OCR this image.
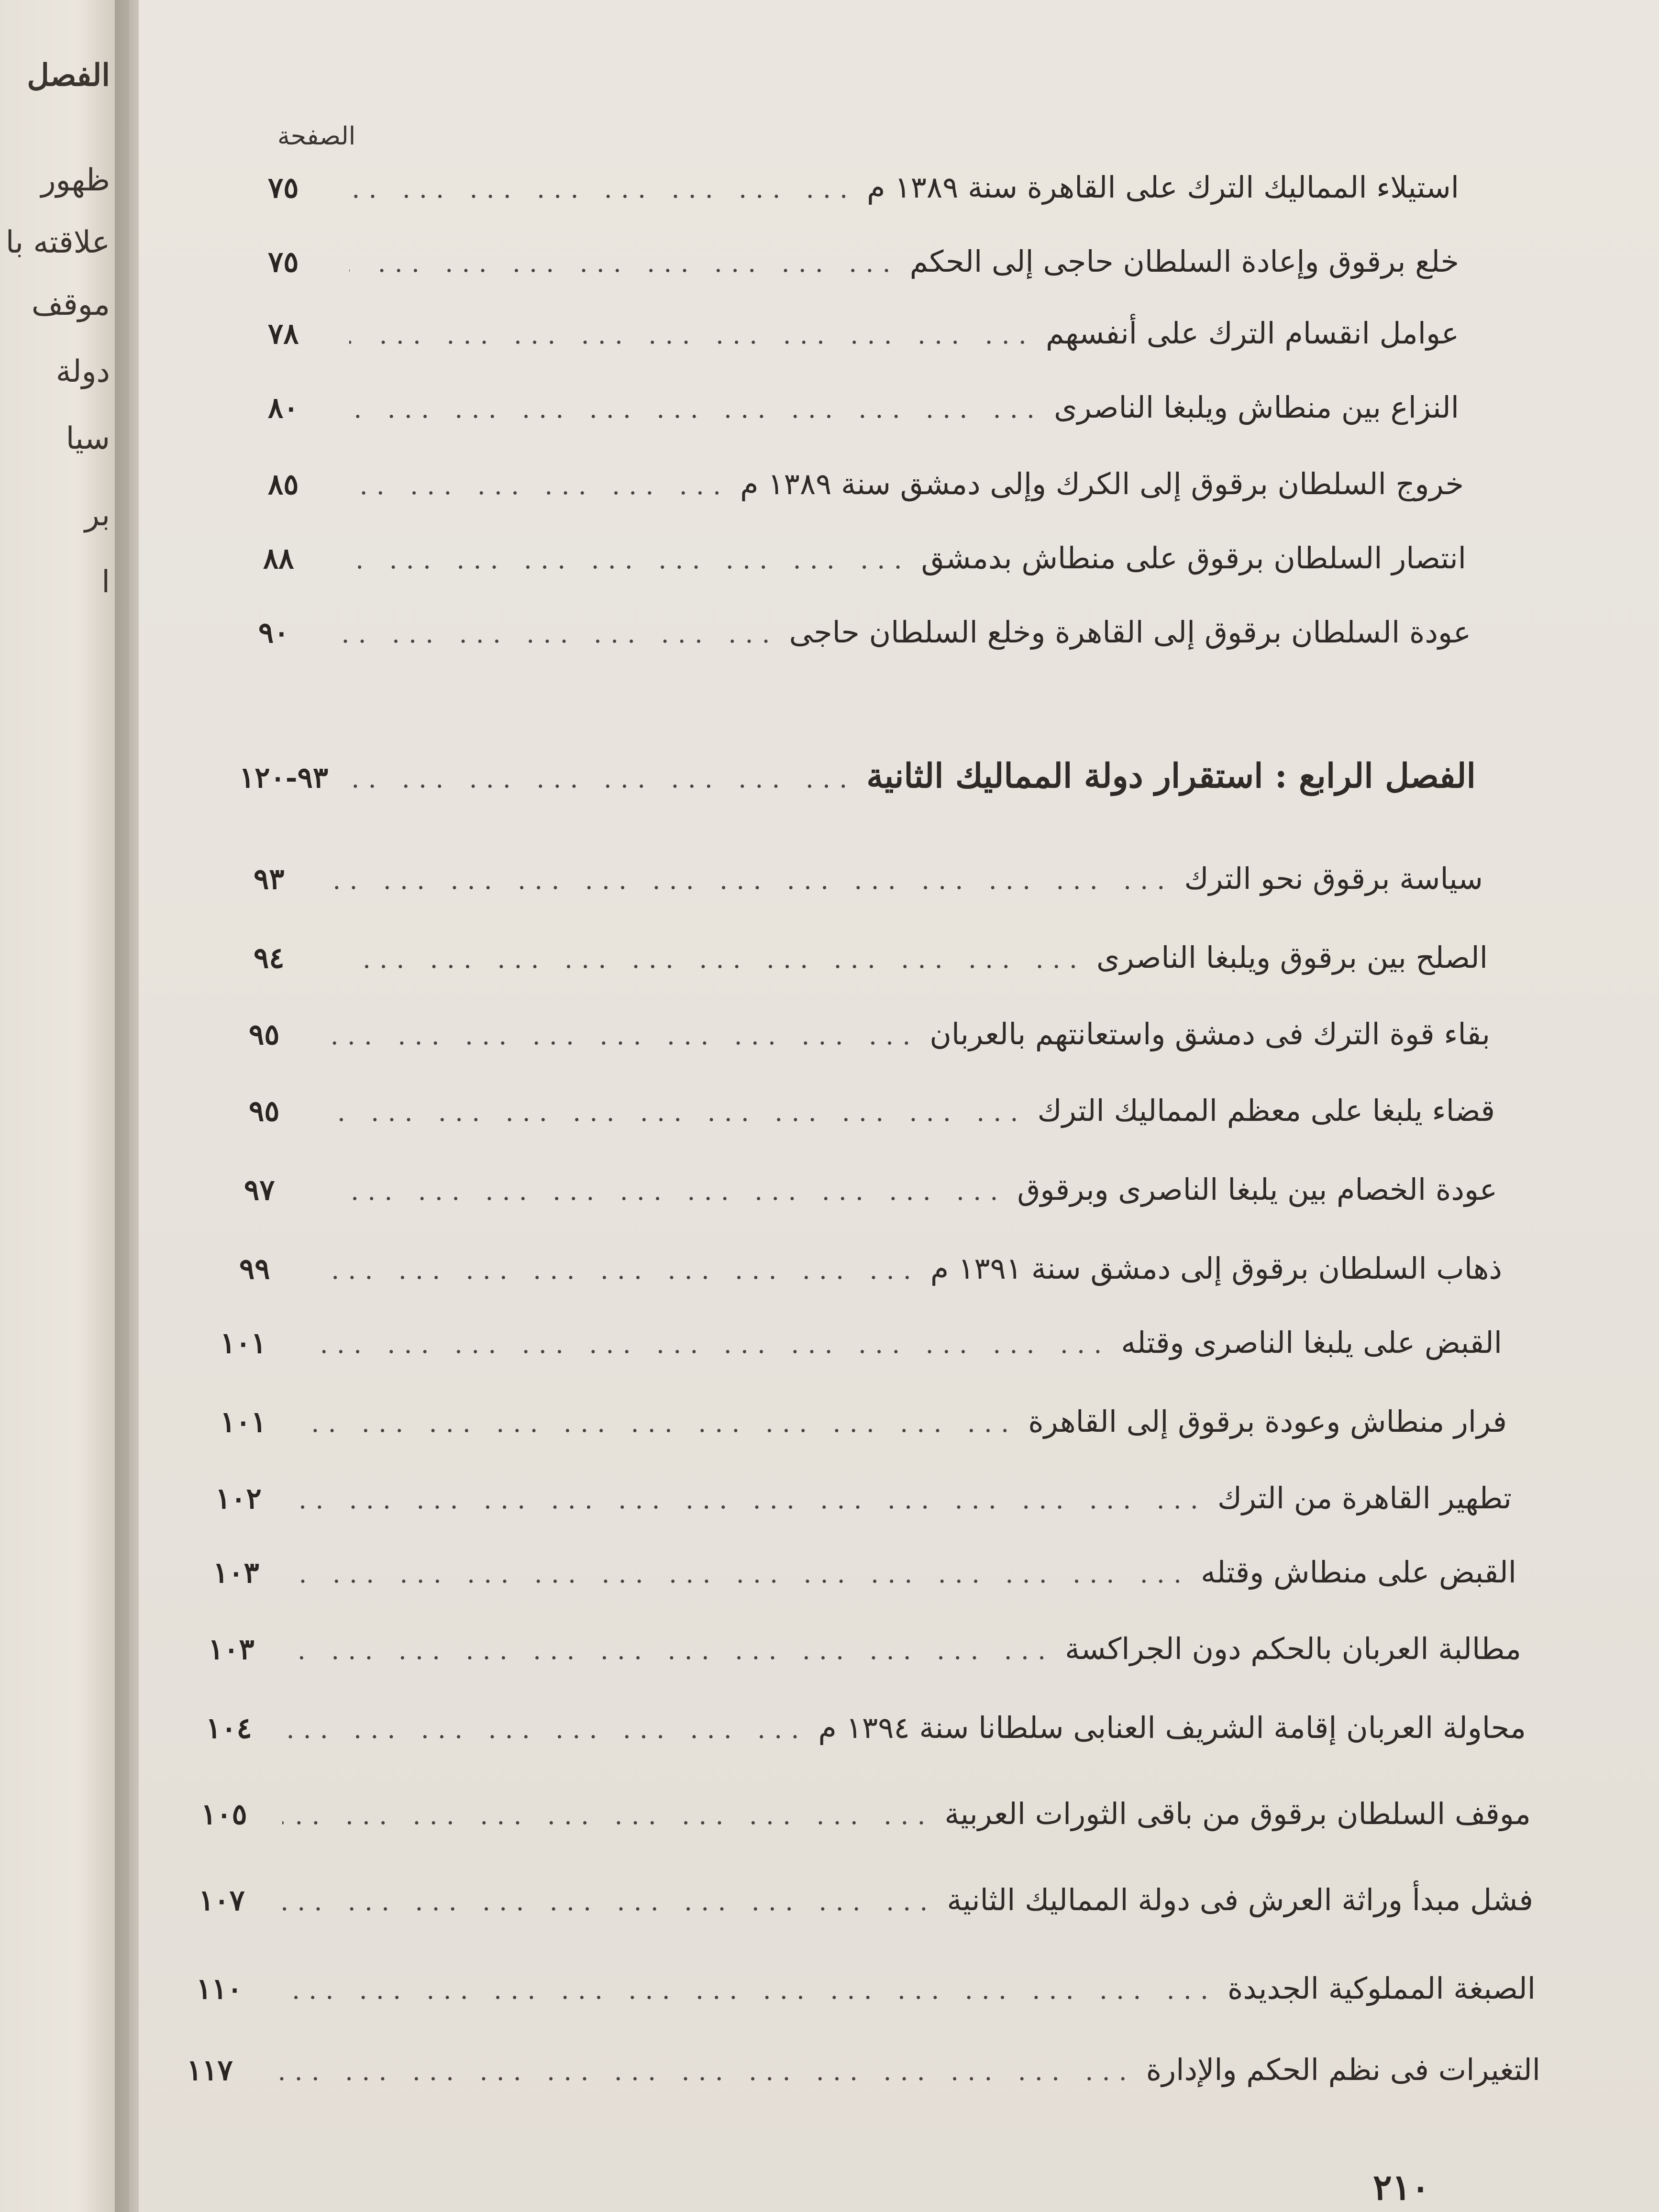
الفصل
ظهور
علاقته با
موقف
دولة
سيا
بر
ا
الصفحة
استيلاء المماليك الترك على القاهرة سنة ١٣٨٩ م
... .
٧٥
خلع برقوق وإعادة السلطان حاجى إلى الحكم
... .
٧٥
عوامل انقسام الترك على أنفسهم
... .
٧٨
النزاع بين منطاش ويلبغا الناصرى
... .
٨٠
خروج السلطان برقوق إلى الكرك وإلى دمشق سنة ١٣٨٩ م
... .
٨٥
انتصار السلطان برقوق على منطاش بدمشق
... .
٨٨
عودة السلطان برقوق إلى القاهرة وخلع السلطان حاجى
... .
٩٠
الفصل الرابع : استقرار دولة المماليك الثانية
... .
٩٣-١٢٠
سياسة برقوق نحو الترك
... .
٩٣
الصلح بين برقوق ويلبغا الناصرى
... .
٩٤
بقاء قوة الترك فى دمشق واستعانتهم بالعربان
... .
٩٥
قضاء يلبغا على معظم المماليك الترك
... .
٩٥
عودة الخصام بين يلبغا الناصرى وبرقوق
... .
٩٧
ذهاب السلطان برقوق إلى دمشق سنة ١٣٩١ م
... .
٩٩
القبض على يلبغا الناصرى وقتله
... .
١٠١
فرار منطاش وعودة برقوق إلى القاهرة
... .
١٠١
تطهير القاهرة من الترك
... .
١٠٢
القبض على منطاش وقتله
... .
١٠٣
مطالبة العربان بالحكم دون الجراكسة
... .
١٠٣
محاولة العربان إقامة الشريف العنابى سلطانا سنة ١٣٩٤ م
... .
١٠٤
موقف السلطان برقوق من باقى الثورات العربية
... .
١٠٥
فشل مبدأ وراثة العرش فى دولة المماليك الثانية
... .
١٠٧
الصبغة المملوكية الجديدة
... .
١١٠
التغيرات فى نظم الحكم والإدارة
... .
١١٧
٢١٠
